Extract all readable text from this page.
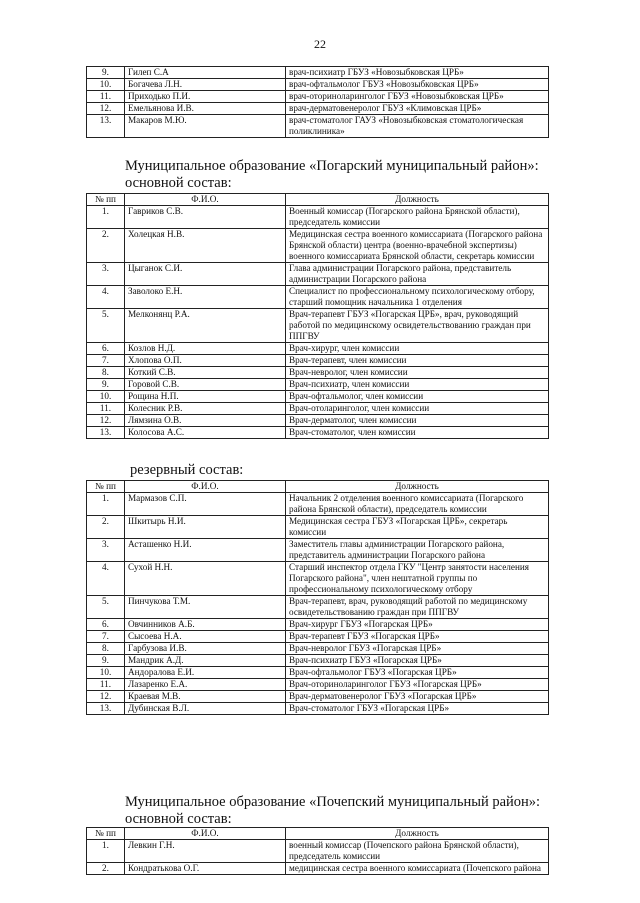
22
9.	Гилеп С.А	врач-психиатр ГБУЗ «Новозыбковская ЦРБ»
10.	Богачева Л.Н.	врач-офтальмолог ГБУЗ «Новозыбковская ЦРБ»
11.	Приходько П.И.	врач-оториноларинголог ГБУЗ «Новозыбковская ЦРБ»
12.	Емельянова И.В.	врач-дерматовенеролог ГБУЗ «Климовская ЦРБ»
13.	Макаров М.Ю.	врач-стоматолог ГАУЗ «Новозыбковская стоматологическая поликлиника»
Муниципальное образование «Погарский муниципальный район»:
основной состав:
№ пп	Ф.И.О.	Должность
1.	Гавриков С.В.	Военный комиссар (Погарского района Брянской области), председатель комиссии
2.	Холецкая Н.В.	Медицинская сестра военного комиссариата (Погарского района Брянской области) центра (военно-врачебной экспертизы) военного комиссариата Брянской области, секретарь комиссии
3.	Цыганок С.И.	Глава администрации Погарского района, представитель администрации Погарского района
4.	Заволоко Е.Н.	Специалист по профессиональному психологическому отбору, старший помощник начальника 1 отделения
5.	Мелконянц Р.А.	Врач-терапевт ГБУЗ «Погарская ЦРБ», врач, руководящий работой по медицинскому освидетельствованию граждан при ППГВУ
6.	Козлов Н.Д.	Врач-хирург, член комиссии
7.	Хлопова О.П.	Врач-терапевт, член комиссии
8.	Коткий С.В.	Врач-невролог, член комиссии
9.	Горовой С.В.	Врач-психиатр, член комиссии
10.	Рощина Н.П.	Врач-офтальмолог, член комиссии
11.	Колесник Р.В.	Врач-отоларинголог, член комиссии
12.	Лямзина О.В.	Врач-дерматолог, член комиссии
13.	Колосова А.С.	Врач-стоматолог, член комиссии
резервный состав:
№ пп	Ф.И.О.	Должность
1.	Мармазов С.П.	Начальник 2 отделения военного комиссариата (Погарского района Брянской области), председатель комиссии
2.	Шкитырь Н.И.	Медицинская сестра ГБУЗ «Погарская ЦРБ», секретарь комиссии
3.	Асташенко Н.И.	Заместитель главы администрации Погарского района, представитель администрации Погарского района
4.	Сухой Н.Н.	Старший инспектор отдела ГКУ "Центр занятости населения Погарского района", член нештатной группы по профессиональному психологическому отбору
5.	Пинчукова Т.М.	Врач-терапевт, врач, руководящий работой по медицинскому освидетельствованию граждан при ППГВУ
6.	Овчинников А.Б.	Врач-хирург ГБУЗ «Погарская ЦРБ»
7.	Сысоева Н.А.	Врач-терапевт ГБУЗ «Погарская ЦРБ»
8.	Гарбузова И.В.	Врач-невролог ГБУЗ «Погарская ЦРБ»
9.	Мандрик А.Д.	Врач-психиатр ГБУЗ «Погарская ЦРБ»
10.	Андоралова Е.И.	Врач-офтальмолог ГБУЗ «Погарская ЦРБ»
11.	Лазаренко Е.А.	Врач-оториноларинголог ГБУЗ «Погарская ЦРБ»
12.	Краевая М.В.	Врач-дерматовенеролог ГБУЗ «Погарская ЦРБ»
13.	Дубинская В.Л.	Врач-стоматолог ГБУЗ «Погарская ЦРБ»
Муниципальное образование «Почепский муниципальный район»:
основной состав:
№ пп	Ф.И.О.	Должность
1.	Левкин Г.Н.	военный комиссар (Почепского района Брянской области), председатель комиссии
2.	Кондратькова О.Г.	медицинская сестра военного комиссариата (Почепского района
